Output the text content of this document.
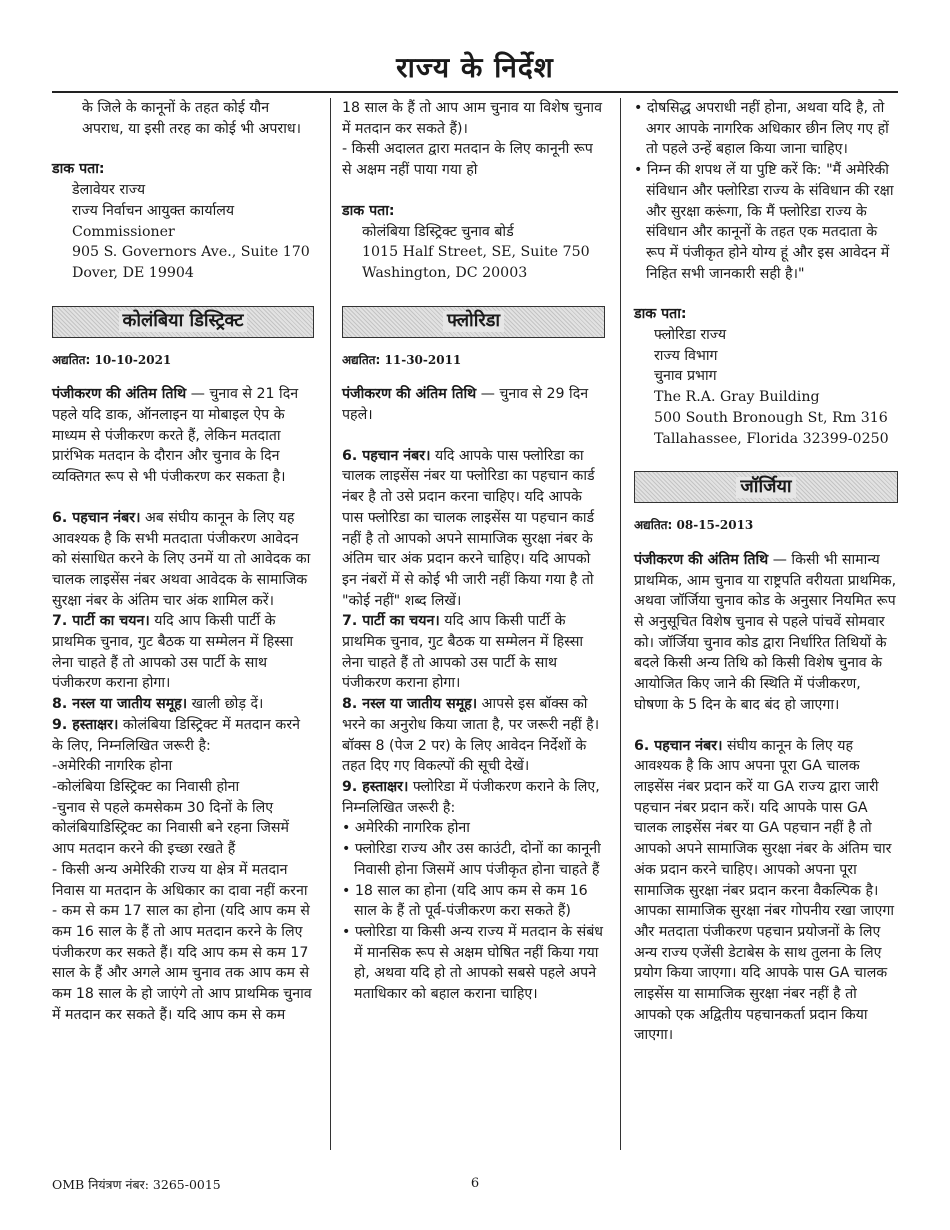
राज्य के निर्देश

के जिले के कानूनों के तहत कोई यौन अपराध, या इसी तरह का कोई भी अपराध।

डाक पता:

डेलावेयर राज्य

राज्य निर्वाचन आयुक्त कार्यालय

Commissioner

905 S. Governors Ave., Suite 170

Dover, DE 19904

कोलंबिया डिस्ट्रिक्ट

अद्यतित: 10-10-2021

पंजीकरण की अंतिम तिथि — चुनाव से 21 दिन पहले यदि डाक, ऑनलाइन या मोबाइल ऐप के माध्यम से पंजीकरण करते हैं, लेकिन मतदाता प्रारंभिक मतदान के दौरान और चुनाव के दिन व्यक्तिगत रूप से भी पंजीकरण कर सकता है।

6. पहचान नंबर। अब संघीय कानून के लिए यह आवश्यक है कि सभी मतदाता पंजीकरण आवेदन को संसाधित करने के लिए उनमें या तो आवेदक का चालक लाइसेंस नंबर अथवा आवेदक के सामाजिक सुरक्षा नंबर के अंतिम चार अंक शामिल करें।

7. पार्टी का चयन। यदि आप किसी पार्टी के प्राथमिक चुनाव, गुट बैठक या सम्मेलन में हिस्सा लेना चाहते हैं तो आपको उस पार्टी के साथ पंजीकरण कराना होगा।

8. नस्ल या जातीय समूह। खाली छोड़ दें।

9. हस्ताक्षर। कोलंबिया डिस्ट्रिक्ट में मतदान करने के लिए, निम्नलिखित जरूरी है:

-अमेरिकी नागरिक होना

-कोलंबिया डिस्ट्रिक्ट का निवासी होना

-चुनाव से पहले कमसेकम 30 दिनों के लिए कोलंबियाडिस्ट्रिक्ट का निवासी बने रहना जिसमें आप मतदान करने की इच्छा रखते हैं

- किसी अन्य अमेरिकी राज्य या क्षेत्र में मतदान निवास या मतदान के अधिकार का दावा नहीं करना

- कम से कम 17 साल का होना (यदि आप कम से कम 16 साल के हैं तो आप मतदान करने के लिए पंजीकरण कर सकते हैं। यदि आप कम से कम 17 साल के हैं और अगले आम चुनाव तक आप कम से कम 18 साल के हो जाएंगे तो आप प्राथमिक चुनाव में मतदान कर सकते हैं। यदि आप कम से कम

18 साल के हैं तो आप आम चुनाव या विशेष चुनाव में मतदान कर सकते हैं)।

- किसी अदालत द्वारा मतदान के लिए कानूनी रूप से अक्षम नहीं पाया गया हो

डाक पता:

कोलंबिया डिस्ट्रिक्ट चुनाव बोर्ड

1015 Half Street, SE, Suite 750

Washington, DC 20003

फ्लोरिडा

अद्यतित: 11-30-2011

पंजीकरण की अंतिम तिथि — चुनाव से 29 दिन पहले।

6. पहचान नंबर। यदि आपके पास फ्लोरिडा का चालक लाइसेंस नंबर या फ्लोरिडा का पहचान कार्ड नंबर है तो उसे प्रदान करना चाहिए। यदि आपके पास फ्लोरिडा का चालक लाइसेंस या पहचान कार्ड नहीं है तो आपको अपने सामाजिक सुरक्षा नंबर के अंतिम चार अंक प्रदान करने चाहिए। यदि आपको इन नंबरों में से कोई भी जारी नहीं किया गया है तो "कोई नहीं" शब्द लिखें।

7. पार्टी का चयन। यदि आप किसी पार्टी के प्राथमिक चुनाव, गुट बैठक या सम्मेलन में हिस्सा लेना चाहते हैं तो आपको उस पार्टी के साथ पंजीकरण कराना होगा।

8. नस्ल या जातीय समूह। आपसे इस बॉक्स को भरने का अनुरोध किया जाता है, पर जरूरी नहीं है। बॉक्स 8 (पेज 2 पर) के लिए आवेदन निर्देशों के तहत दिए गए विकल्पों की सूची देखें।

9. हस्ताक्षर। फ्लोरिडा में पंजीकरण कराने के लिए, निम्नलिखित जरूरी है:

• अमेरिकी नागरिक होना

• फ्लोरिडा राज्य और उस काउंटी, दोनों का कानूनी निवासी होना जिसमें आप पंजीकृत होना चाहते हैं

• 18 साल का होना (यदि आप कम से कम 16 साल के हैं तो पूर्व-पंजीकरण करा सकते हैं)

• फ्लोरिडा या किसी अन्य राज्य में मतदान के संबंध में मानसिक रूप से अक्षम घोषित नहीं किया गया हो, अथवा यदि हो तो आपको सबसे पहले अपने मताधिकार को बहाल कराना चाहिए।

• दोषसिद्ध अपराधी नहीं होना, अथवा यदि है, तो अगर आपके नागरिक अधिकार छीन लिए गए हों तो पहले उन्हें बहाल किया जाना चाहिए।

• निम्न की शपथ लें या पुष्टि करें कि: "मैं अमेरिकी संविधान और फ्लोरिडा राज्य के संविधान की रक्षा और सुरक्षा करूंगा, कि मैं फ्लोरिडा राज्य के संविधान और कानूनों के तहत एक मतदाता के रूप में पंजीकृत होने योग्य हूं और इस आवेदन में निहित सभी जानकारी सही है।"

डाक पता:

फ्लोरिडा राज्य

राज्य विभाग

चुनाव प्रभाग

The R.A. Gray Building

500 South Bronough St, Rm 316

Tallahassee, Florida 32399-0250

जॉर्जिया

अद्यतित: 08-15-2013

पंजीकरण की अंतिम तिथि — किसी भी सामान्य प्राथमिक, आम चुनाव या राष्ट्रपति वरीयता प्राथमिक, अथवा जॉर्जिया चुनाव कोड के अनुसार नियमित रूप से अनुसूचित विशेष चुनाव से पहले पांचवें सोमवार को। जॉर्जिया चुनाव कोड द्वारा निर्धारित तिथियों के बदले किसी अन्य तिथि को किसी विशेष चुनाव के आयोजित किए जाने की स्थिति में पंजीकरण, घोषणा के 5 दिन के बाद बंद हो जाएगा।

6. पहचान नंबर। संघीय कानून के लिए यह आवश्यक है कि आप अपना पूरा GA चालक लाइसेंस नंबर प्रदान करें या GA राज्य द्वारा जारी पहचान नंबर प्रदान करें। यदि आपके पास GA चालक लाइसेंस नंबर या GA पहचान नहीं है तो आपको अपने सामाजिक सुरक्षा नंबर के अंतिम चार अंक प्रदान करने चाहिए। आपको अपना पूरा सामाजिक सुरक्षा नंबर प्रदान करना वैकल्पिक है। आपका सामाजिक सुरक्षा नंबर गोपनीय रखा जाएगा और मतदाता पंजीकरण पहचान प्रयोजनों के लिए अन्य राज्य एजेंसी डेटाबेस के साथ तुलना के लिए प्रयोग किया जाएगा। यदि आपके पास GA चालक लाइसेंस या सामाजिक सुरक्षा नंबर नहीं है तो आपको एक अद्वितीय पहचानकर्ता प्रदान किया जाएगा।

OMB नियंत्रण नंबर: 3265-0015	6
